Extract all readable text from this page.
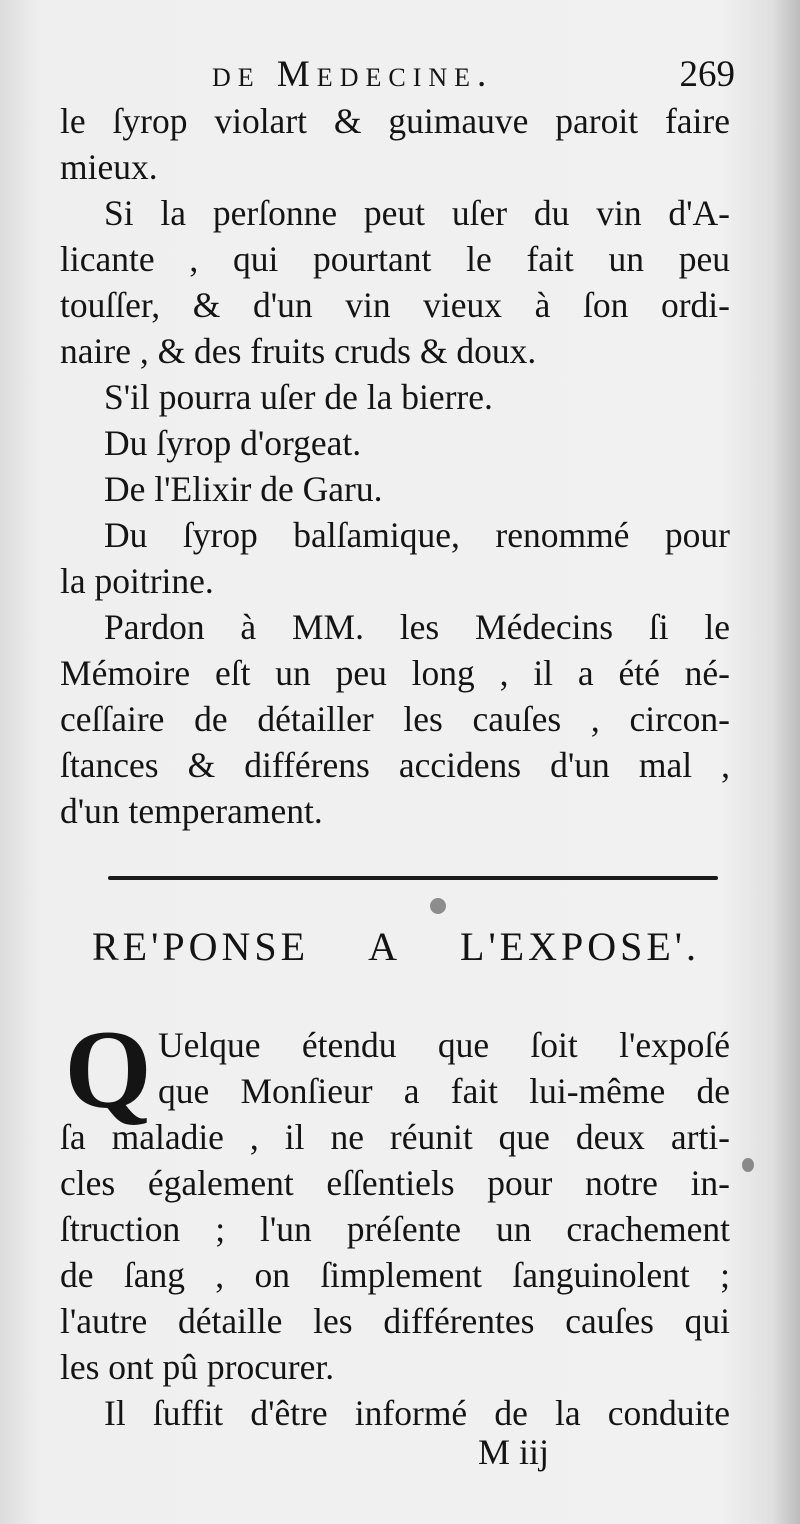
de Medecine.	269
le ſyrop violart & guimauve paroit faire
mieux.
Si la perſonne peut uſer du vin d'A-
licante , qui pourtant le fait un peu
touſſer, & d'un vin vieux à ſon ordi-
naire , & des fruits cruds & doux.
S'il pourra uſer de la bierre.
Du ſyrop d'orgeat.
De l'Elixir de Garu.
Du ſyrop balſamique, renommé pour
la poitrine.
Pardon à MM. les Médecins ſi le
Mémoire eſt un peu long , il a été né-
ceſſaire de détailler les cauſes , circon-
ſtances & différens accidens d'un mal ,
d'un temperament.
RE'PONSE A L'EXPOSE'.
Q Uelque étendu que ſoit l'expoſé
que Monſieur a fait lui-même de
ſa maladie , il ne réunit que deux arti-
cles également eſſentiels pour notre in-
ſtruction ; l'un préſente un crachement
de ſang , on ſimplement ſanguinolent ;
l'autre détaille les différentes cauſes qui
les ont pû procurer.
Il ſuffit d'être informé de la conduite
M iij
